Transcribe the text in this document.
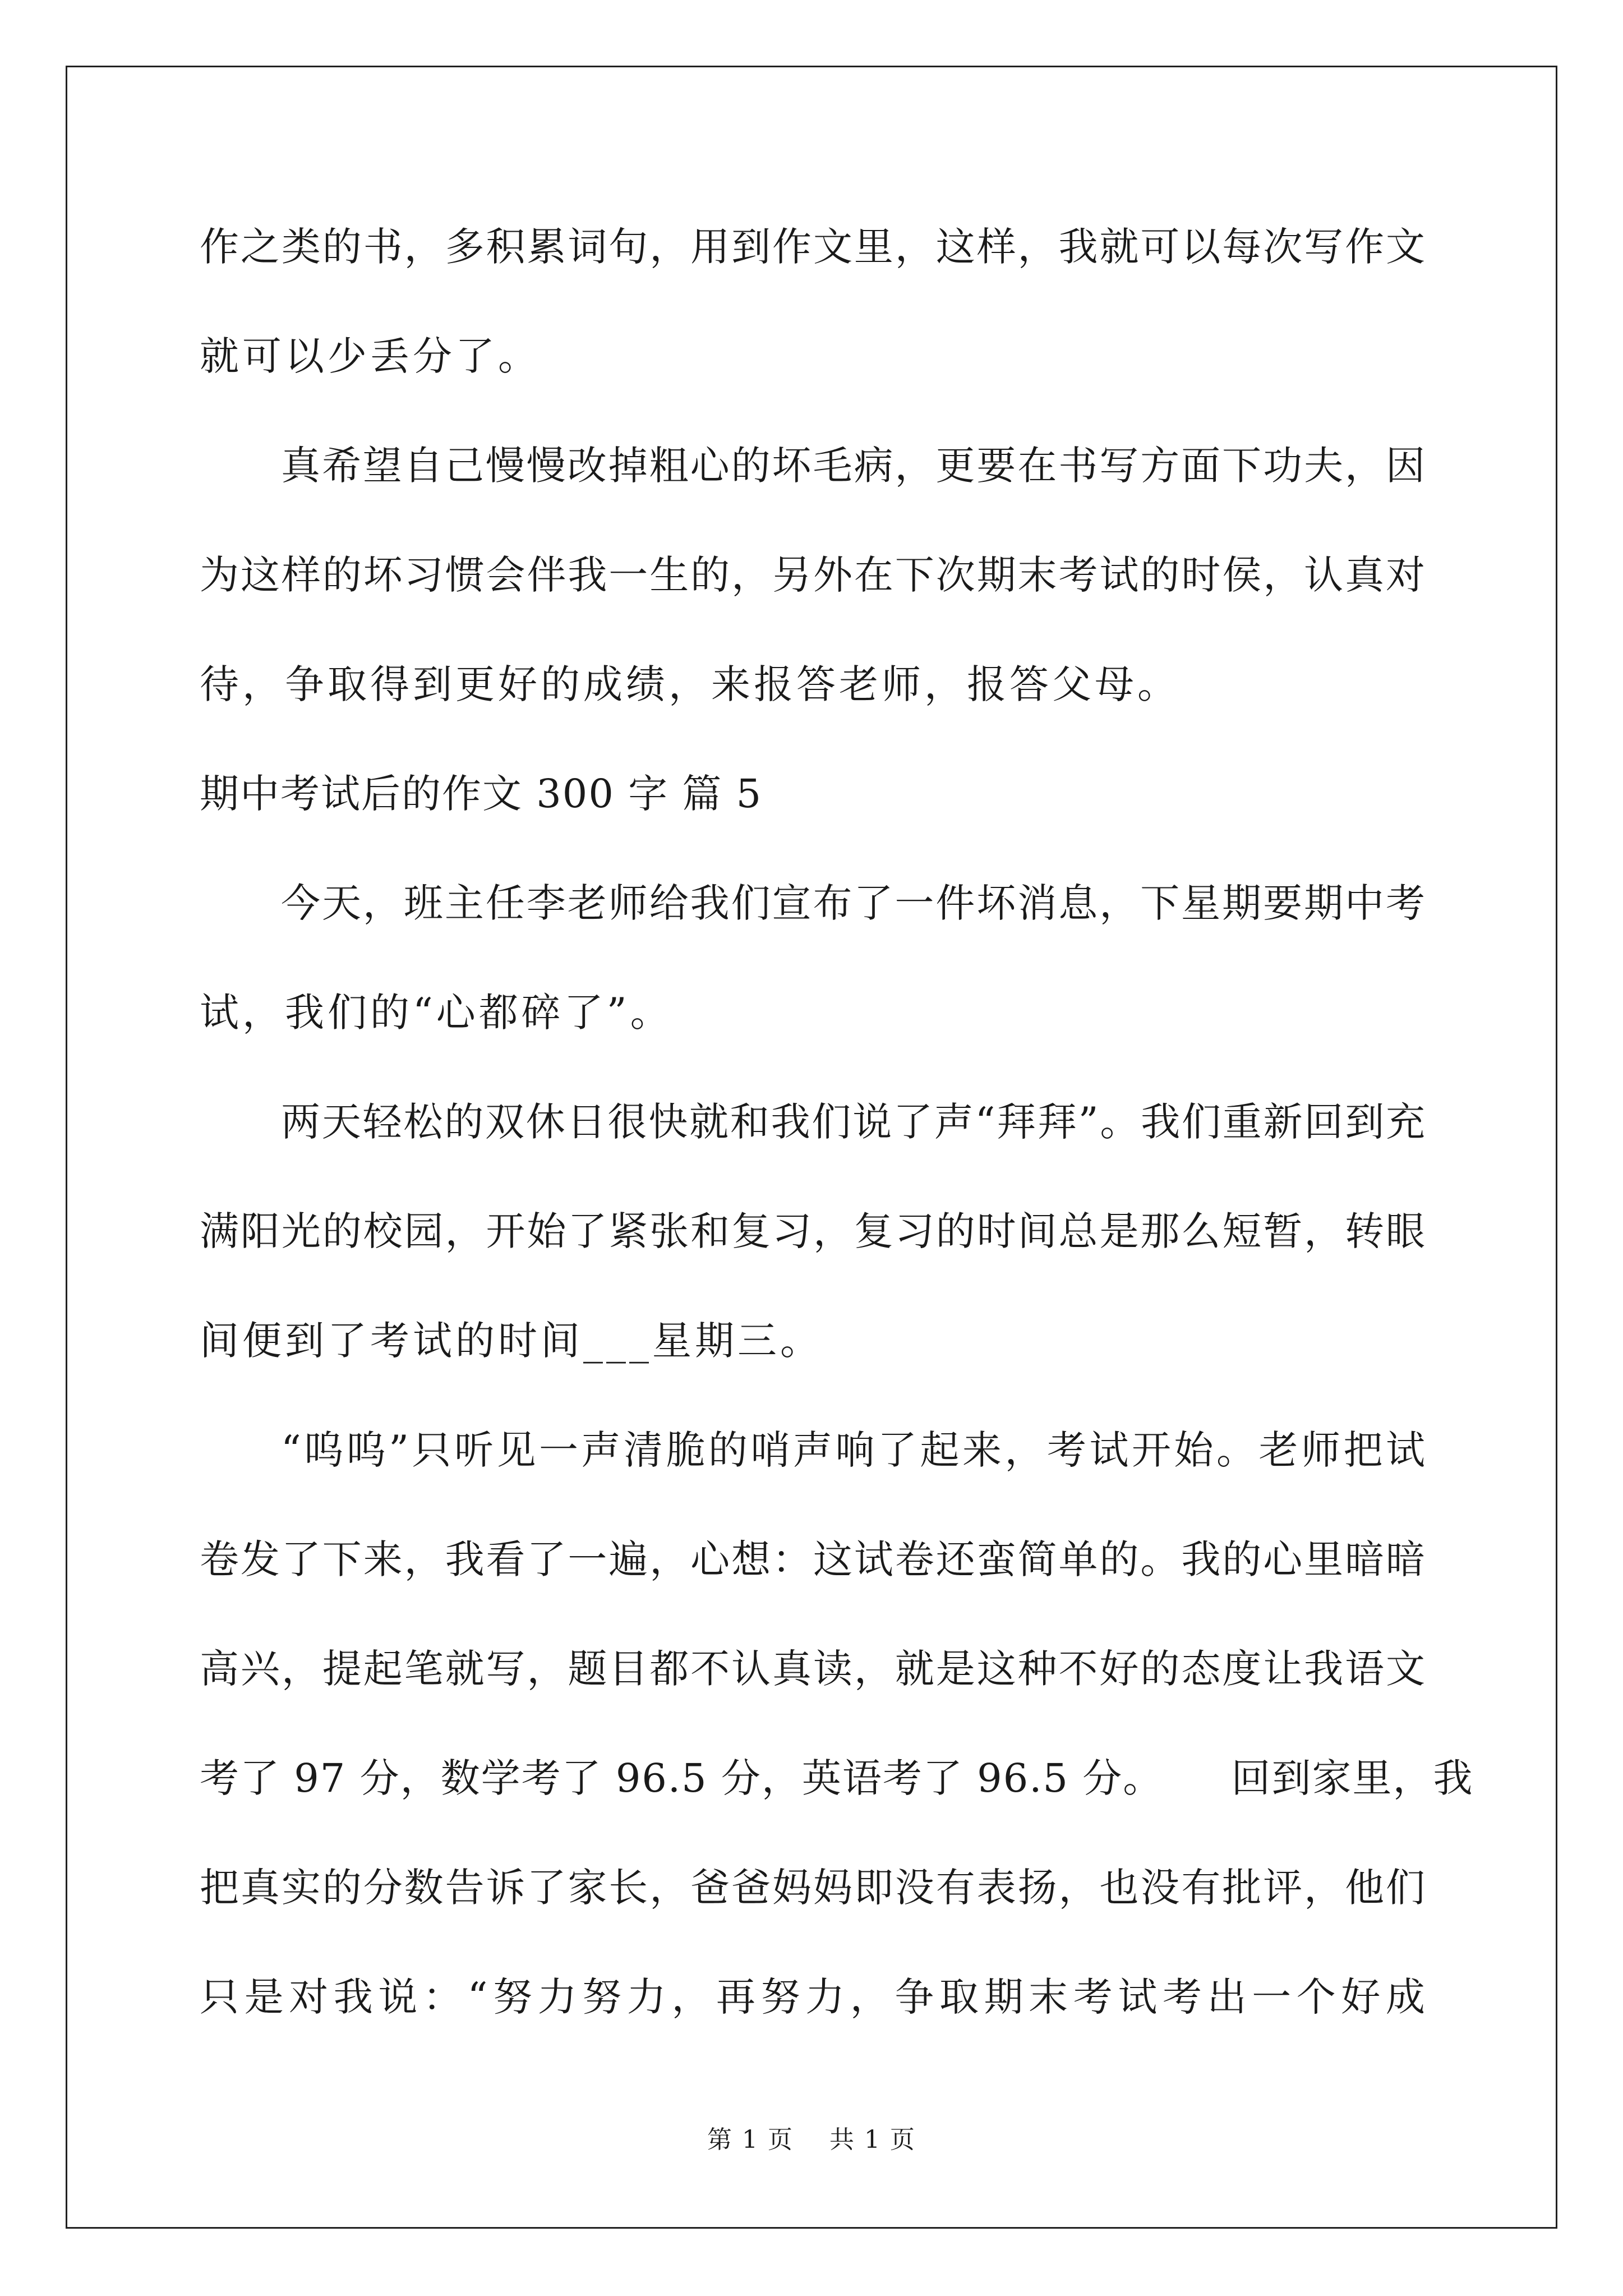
作之类的书，多积累词句，用到作文里，这样，我就可以每次写作文
就可以少丢分了。
真希望自己慢慢改掉粗心的坏毛病，更要在书写方面下功夫，因
为这样的坏习惯会伴我一生的，另外在下次期末考试的时侯，认真对
待，争取得到更好的成绩，来报答老师，报答父母。
期中考试后的作文 300 字 篇 5
今天，班主任李老师给我们宣布了一件坏消息，下星期要期中考
试，我们的“心都碎了”。
两天轻松的双休日很快就和我们说了声“拜拜”。我们重新回到充
满阳光的校园，开始了紧张和复习，复习的时间总是那么短暂，转眼
间便到了考试的时间___星期三。
“呜呜”只听见一声清脆的哨声响了起来，考试开始。老师把试
卷发了下来，我看了一遍，心想：这试卷还蛮简单的。我的心里暗暗
高兴，提起笔就写，题目都不认真读，就是这种不好的态度让我语文
考了 97 分，数学考了 96.5 分，英语考了 96.5 分。     回到家里，我
把真实的分数告诉了家长，爸爸妈妈即没有表扬，也没有批评，他们
只是对我说：“努力努力，再努力，争取期末考试考出一个好成
第 1 页    共 1 页
